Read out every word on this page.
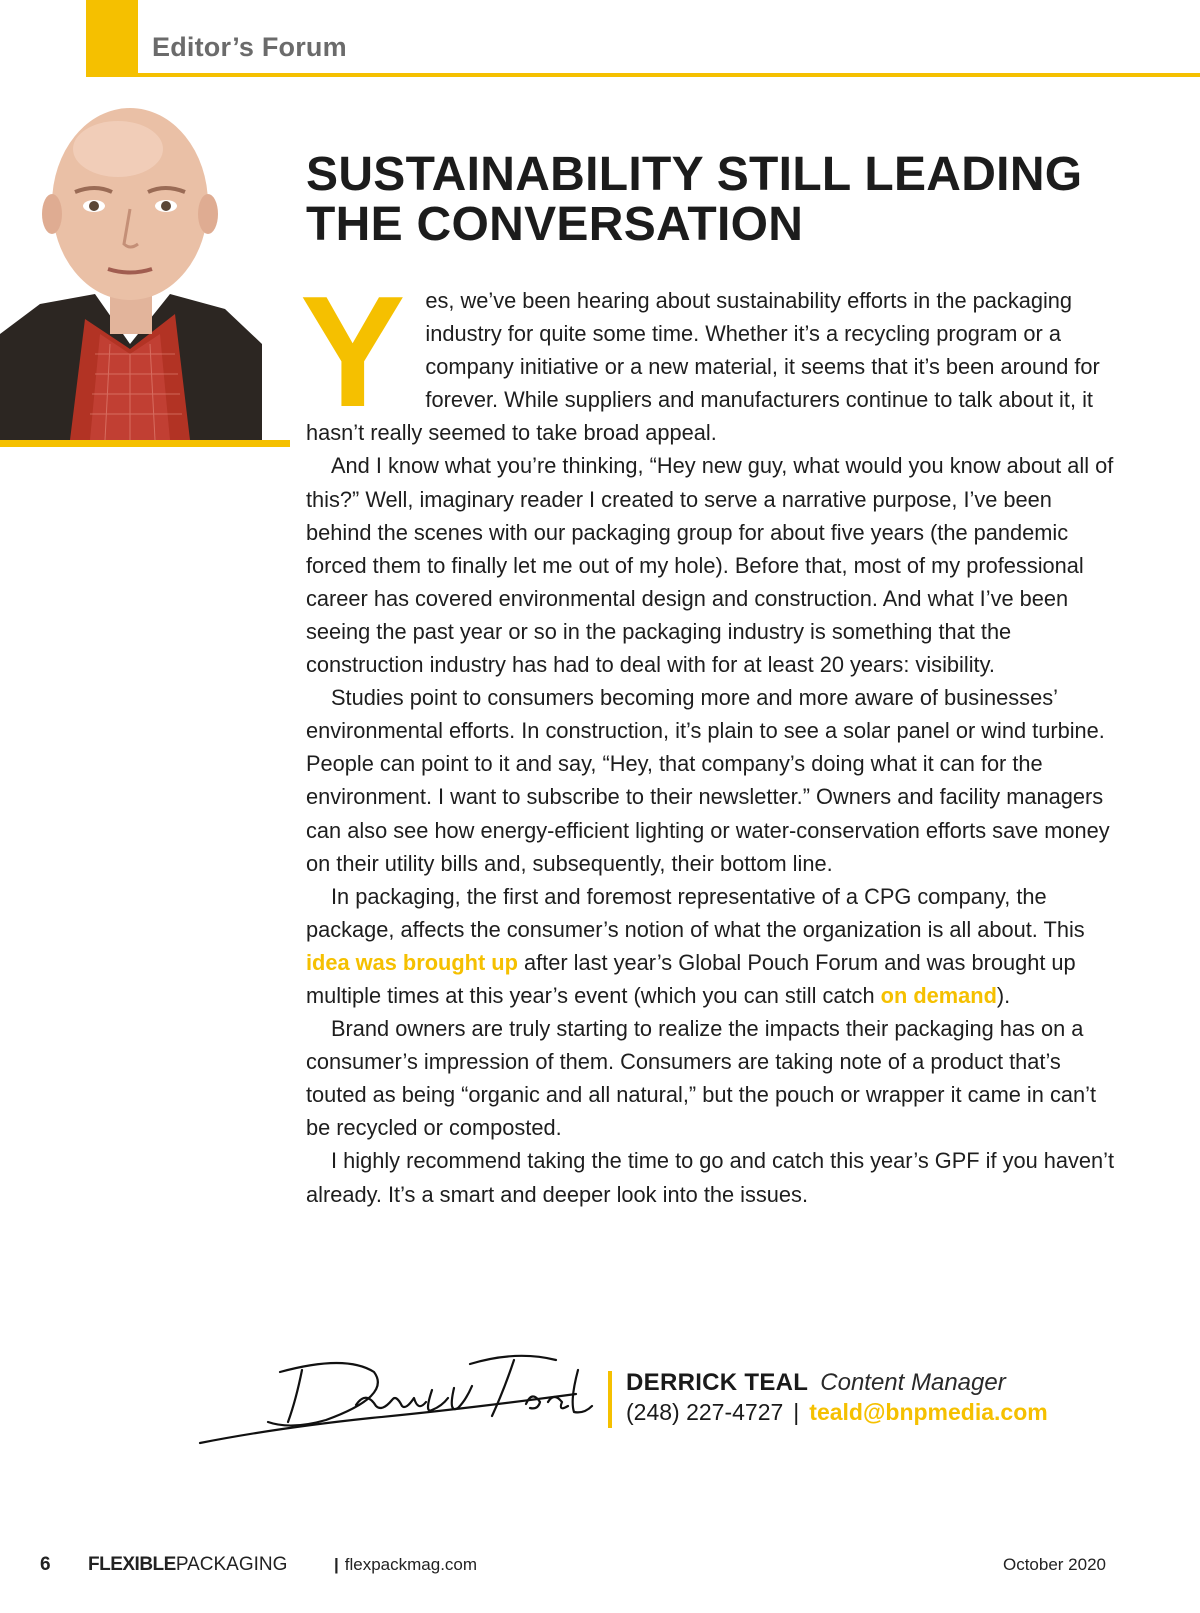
Editor’s Forum
SUSTAINABILITY STILL LEADING
THE CONVERSATION

Yes, we’ve been hearing about sustainability efforts in the packaging industry for quite some time. Whether it’s a recycling program or a company initiative or a new material, it seems that it’s been around for forever. While suppliers and manufacturers continue to talk about it, it hasn’t really seemed to take broad appeal.

And I know what you’re thinking, “Hey new guy, what would you know about all of this?” Well, imaginary reader I created to serve a narrative purpose, I’ve been behind the scenes with our packaging group for about five years (the pandemic forced them to finally let me out of my hole). Before that, most of my professional career has covered environmental design and construction. And what I’ve been seeing the past year or so in the packaging industry is something that the construction industry has had to deal with for at least 20 years: visibility.

Studies point to consumers becoming more and more aware of businesses’ environmental efforts. In construction, it’s plain to see a solar panel or wind turbine. People can point to it and say, “Hey, that company’s doing what it can for the environment. I want to subscribe to their newsletter.” Owners and facility managers can also see how energy-efficient lighting or water-conservation efforts save money on their utility bills and, subsequently, their bottom line.

In packaging, the first and foremost representative of a CPG company, the package, affects the consumer’s notion of what the organization is all about. This idea was brought up after last year’s Global Pouch Forum and was brought up multiple times at this year’s event (which you can still catch on demand).

Brand owners are truly starting to realize the impacts their packaging has on a consumer’s impression of them. Consumers are taking note of a product that’s touted as being “organic and all natural,” but the pouch or wrapper it came in can’t be recycled or composted.

I highly recommend taking the time to go and catch this year’s GPF if you haven’t already. It’s a smart and deeper look into the issues.

DERRICK TEAL Content Manager
(248) 227-4727 | teald@bnpmedia.com
6 FLEXIBLEPACKAGING	| flexpackmag.com	October 2020
